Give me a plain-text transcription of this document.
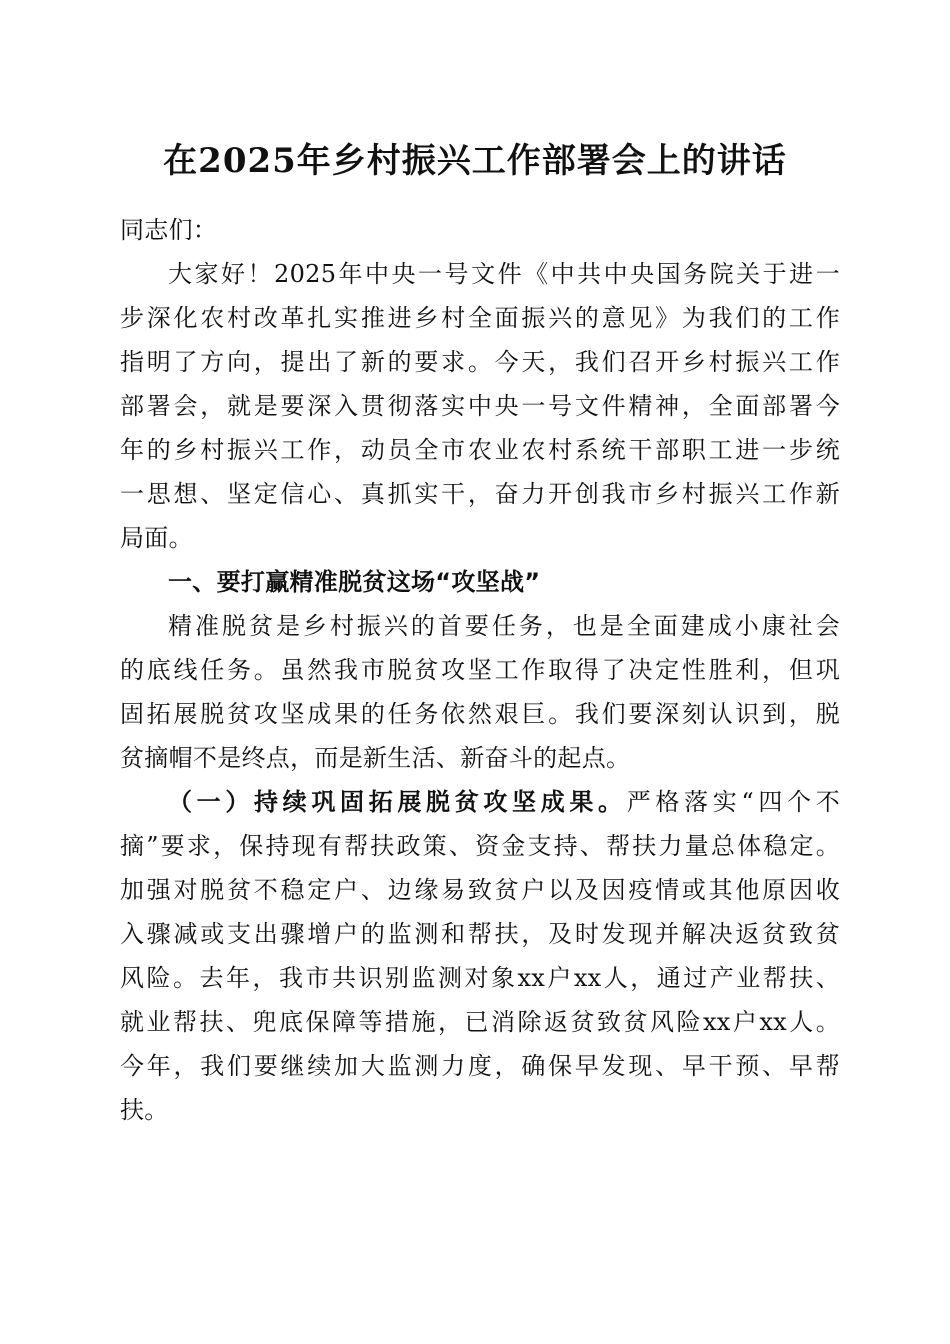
在2025年乡村振兴工作部署会上的讲话
同志们：
大家好！2025年中央一号文件《中共中央国务院关于进一
步深化农村改革扎实推进乡村全面振兴的意见》为我们的工作
指明了方向，提出了新的要求。今天，我们召开乡村振兴工作
部署会，就是要深入贯彻落实中央一号文件精神，全面部署今
年的乡村振兴工作，动员全市农业农村系统干部职工进一步统
一思想、坚定信心、真抓实干，奋力开创我市乡村振兴工作新
局面。
一、要打赢精准脱贫这场“攻坚战”
精准脱贫是乡村振兴的首要任务，也是全面建成小康社会
的底线任务。虽然我市脱贫攻坚工作取得了决定性胜利，但巩
固拓展脱贫攻坚成果的任务依然艰巨。我们要深刻认识到，脱
贫摘帽不是终点，而是新生活、新奋斗的起点。
（一）持续巩固拓展脱贫攻坚成果。严格落实“四个不
摘”要求，保持现有帮扶政策、资金支持、帮扶力量总体稳定。
加强对脱贫不稳定户、边缘易致贫户以及因疫情或其他原因收
入骤减或支出骤增户的监测和帮扶，及时发现并解决返贫致贫
风险。去年，我市共识别监测对象xx户xx人，通过产业帮扶、
就业帮扶、兜底保障等措施，已消除返贫致贫风险xx户xx人。
今年，我们要继续加大监测力度，确保早发现、早干预、早帮
扶。
